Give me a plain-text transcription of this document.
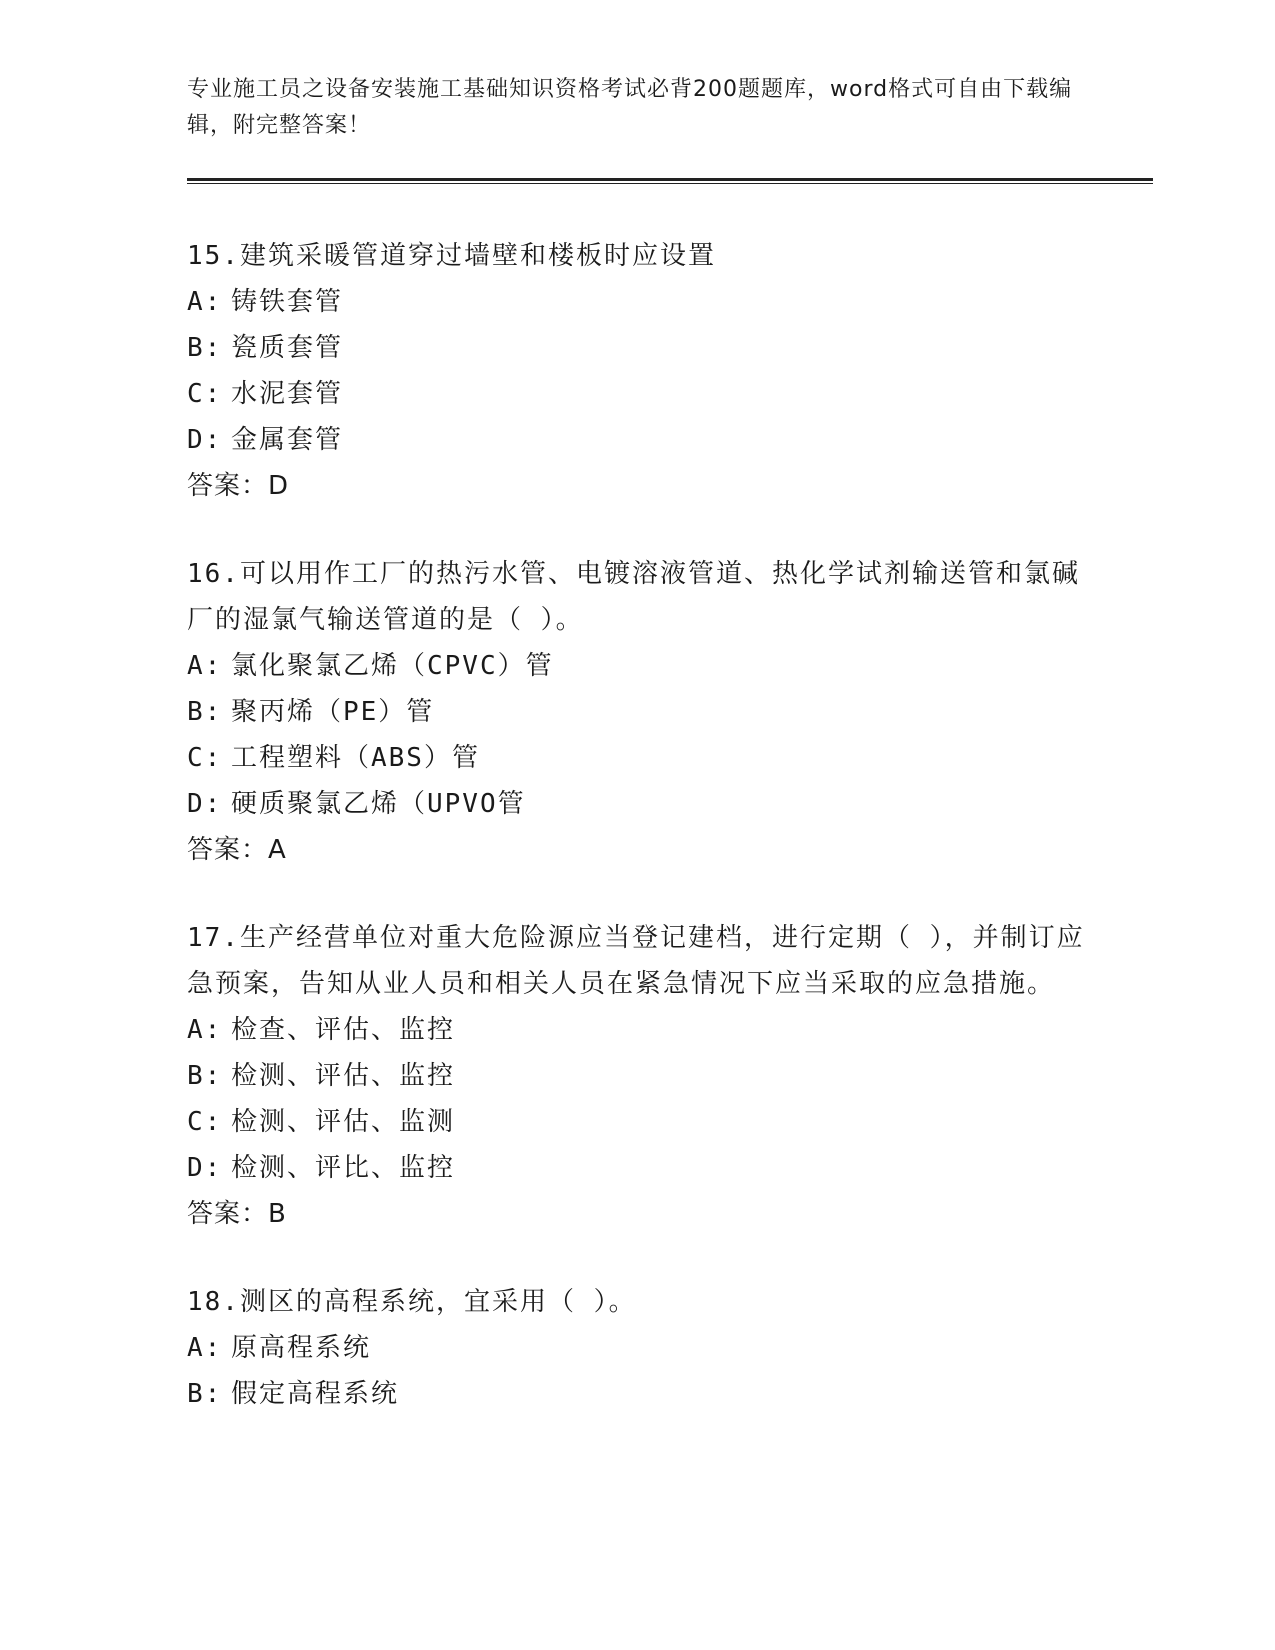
专业施工员之设备安装施工基础知识资格考试必背200题题库，word格式可自由下载编辑，附完整答案！

15.建筑采暖管道穿过墙壁和楼板时应设置

A: 铸铁套管

B: 瓷质套管

C: 水泥套管

D: 金属套管

答案：D

16.可以用作工厂的热污水管、电镀溶液管道、热化学试剂输送管和氯碱厂的湿氯气输送管道的是（ ）。

A: 氯化聚氯乙烯（CPVC）管

B: 聚丙烯（PE）管

C: 工程塑料（ABS）管

D: 硬质聚氯乙烯（UPVO管

答案：A

17.生产经营单位对重大危险源应当登记建档，进行定期（ ），并制订应急预案，告知从业人员和相关人员在紧急情况下应当采取的应急措施。

A: 检查、评估、监控

B: 检测、评估、监控

C: 检测、评估、监测

D: 检测、评比、监控

答案：B

18.测区的高程系统，宜采用（ ）。

A: 原高程系统

B: 假定高程系统
